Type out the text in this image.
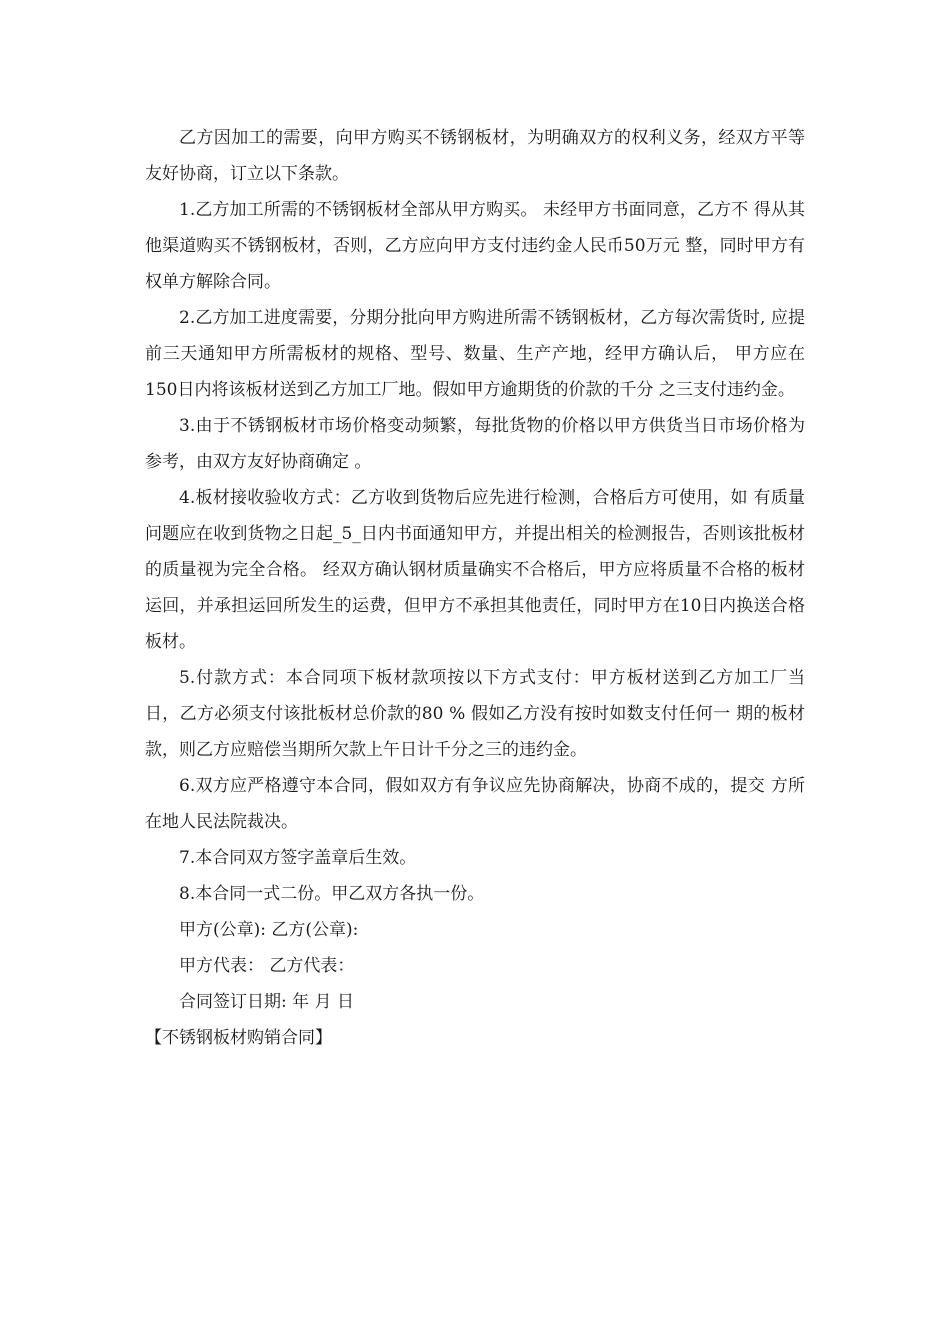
乙方因加工的需要，向甲方购买不锈钢板材，为明确双方的权利义务，经双方平等友好协商，订立以下条款。

1.乙方加工所需的不锈钢板材全部从甲方购买。 未经甲方书面同意，乙方不 得从其他渠道购买不锈钢板材，否则，乙方应向甲方支付违约金人民币50万元 整，同时甲方有权单方解除合同。

2.乙方加工进度需要，分期分批向甲方购进所需不锈钢板材，乙方每次需货时, 应提前三天通知甲方所需板材的规格、型号、数量、生产产地，经甲方确认后， 甲方应在150日内将该板材送到乙方加工厂地。假如甲方逾期货的价款的千分 之三支付违约金。

3.由于不锈钢板材市场价格变动频繁，每批货物的价格以甲方供货当日市场价格为参考，由双方友好协商确定 。

4.板材接收验收方式：乙方收到货物后应先进行检测，合格后方可使用，如 有质量问题应在收到货物之日起_5_日内书面通知甲方，并提出相关的检测报告，否则该批板材的质量视为完全合格。 经双方确认钢材质量确实不合格后，甲方应将质量不合格的板材运回，并承担运回所发生的运费，但甲方不承担其他责任，同时甲方在10日内换送合格板材。

5.付款方式：本合同项下板材款项按以下方式支付：甲方板材送到乙方加工厂当日，乙方必须支付该批板材总价款的80 % 假如乙方没有按时如数支付任何一 期的板材款，则乙方应赔偿当期所欠款上午日计千分之三的违约金。

6.双方应严格遵守本合同，假如双方有争议应先协商解决，协商不成的，提交 方所在地人民法院裁决。

7.本合同双方签字盖章后生效。

8.本合同一式二份。甲乙双方各执一份。

甲方(公章): 乙方(公章):

甲方代表： 乙方代表：

合同签订日期: 年 月 日

【不锈钢板材购销合同】
